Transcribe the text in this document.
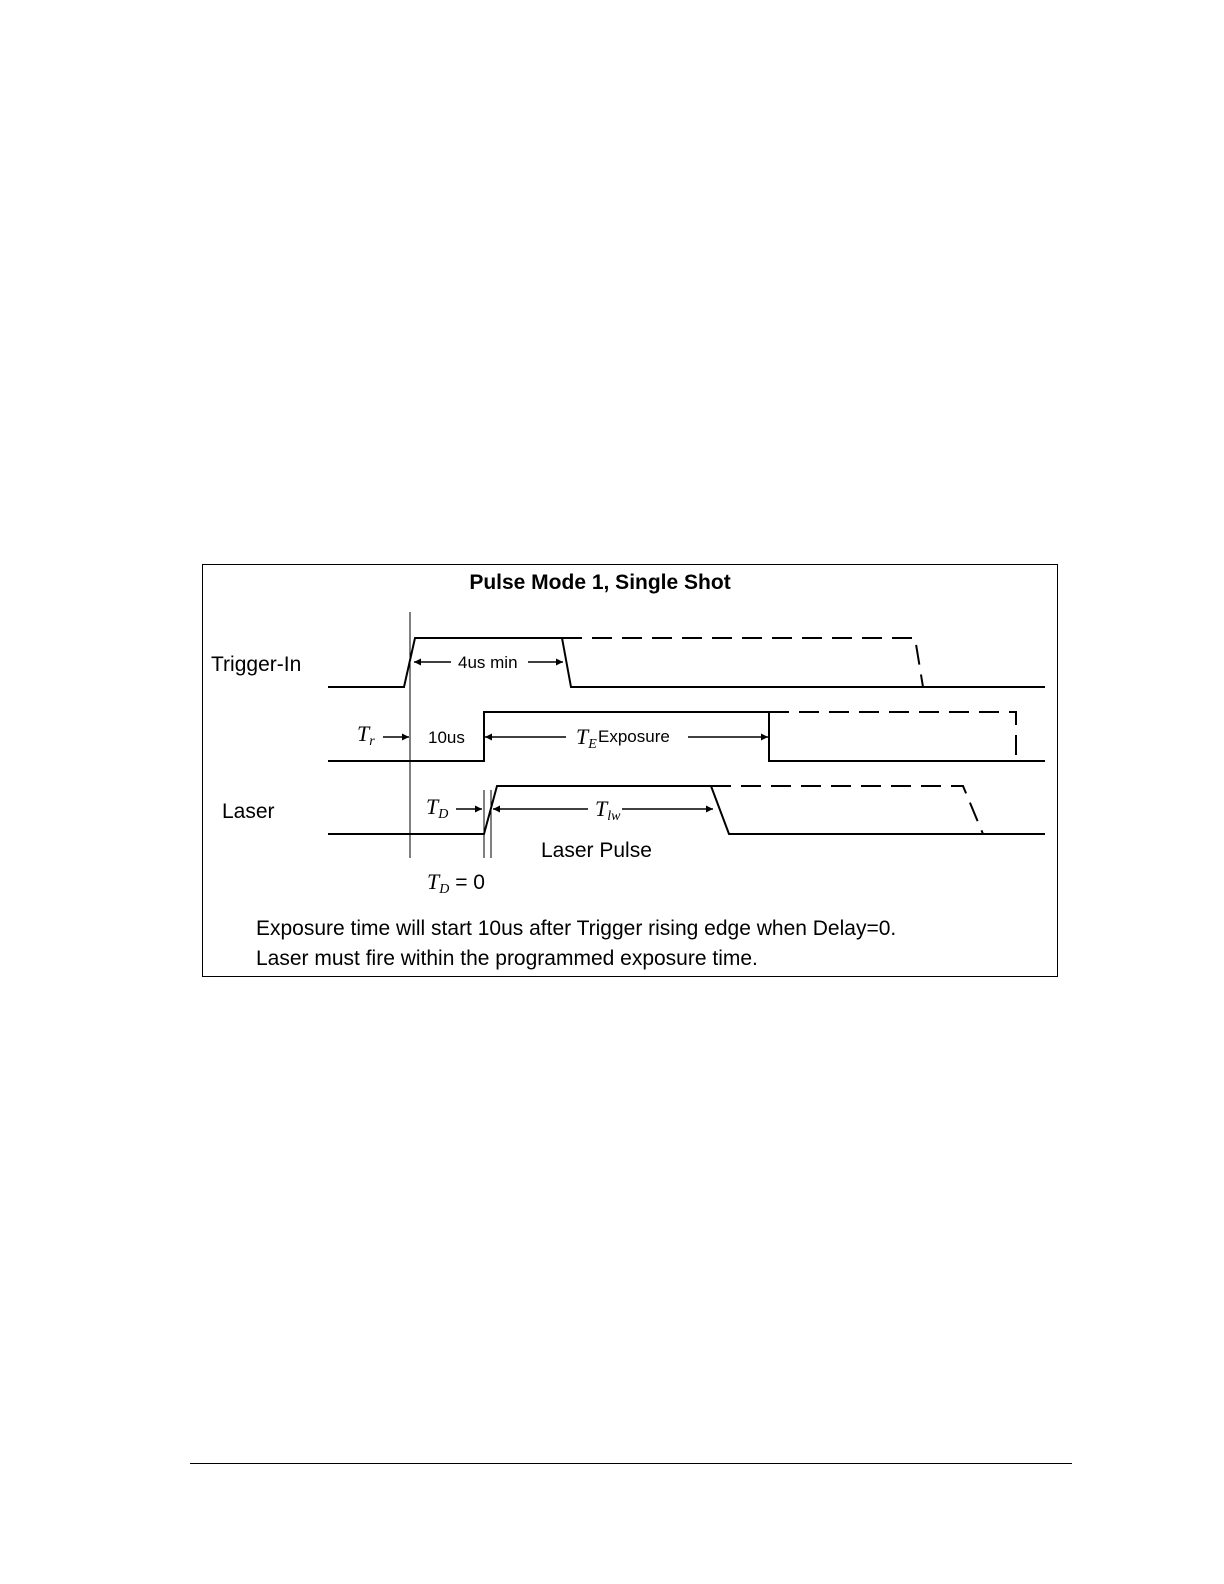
Pulse Mode 1, Single Shot
Trigger-In	4us min
Tr	10us	TE Exposure
Laser	TD	Tlw
Laser Pulse
TD = 0
Exposure time will start 10us after Trigger rising edge when Delay=0.
Laser must fire within the programmed exposure time.
